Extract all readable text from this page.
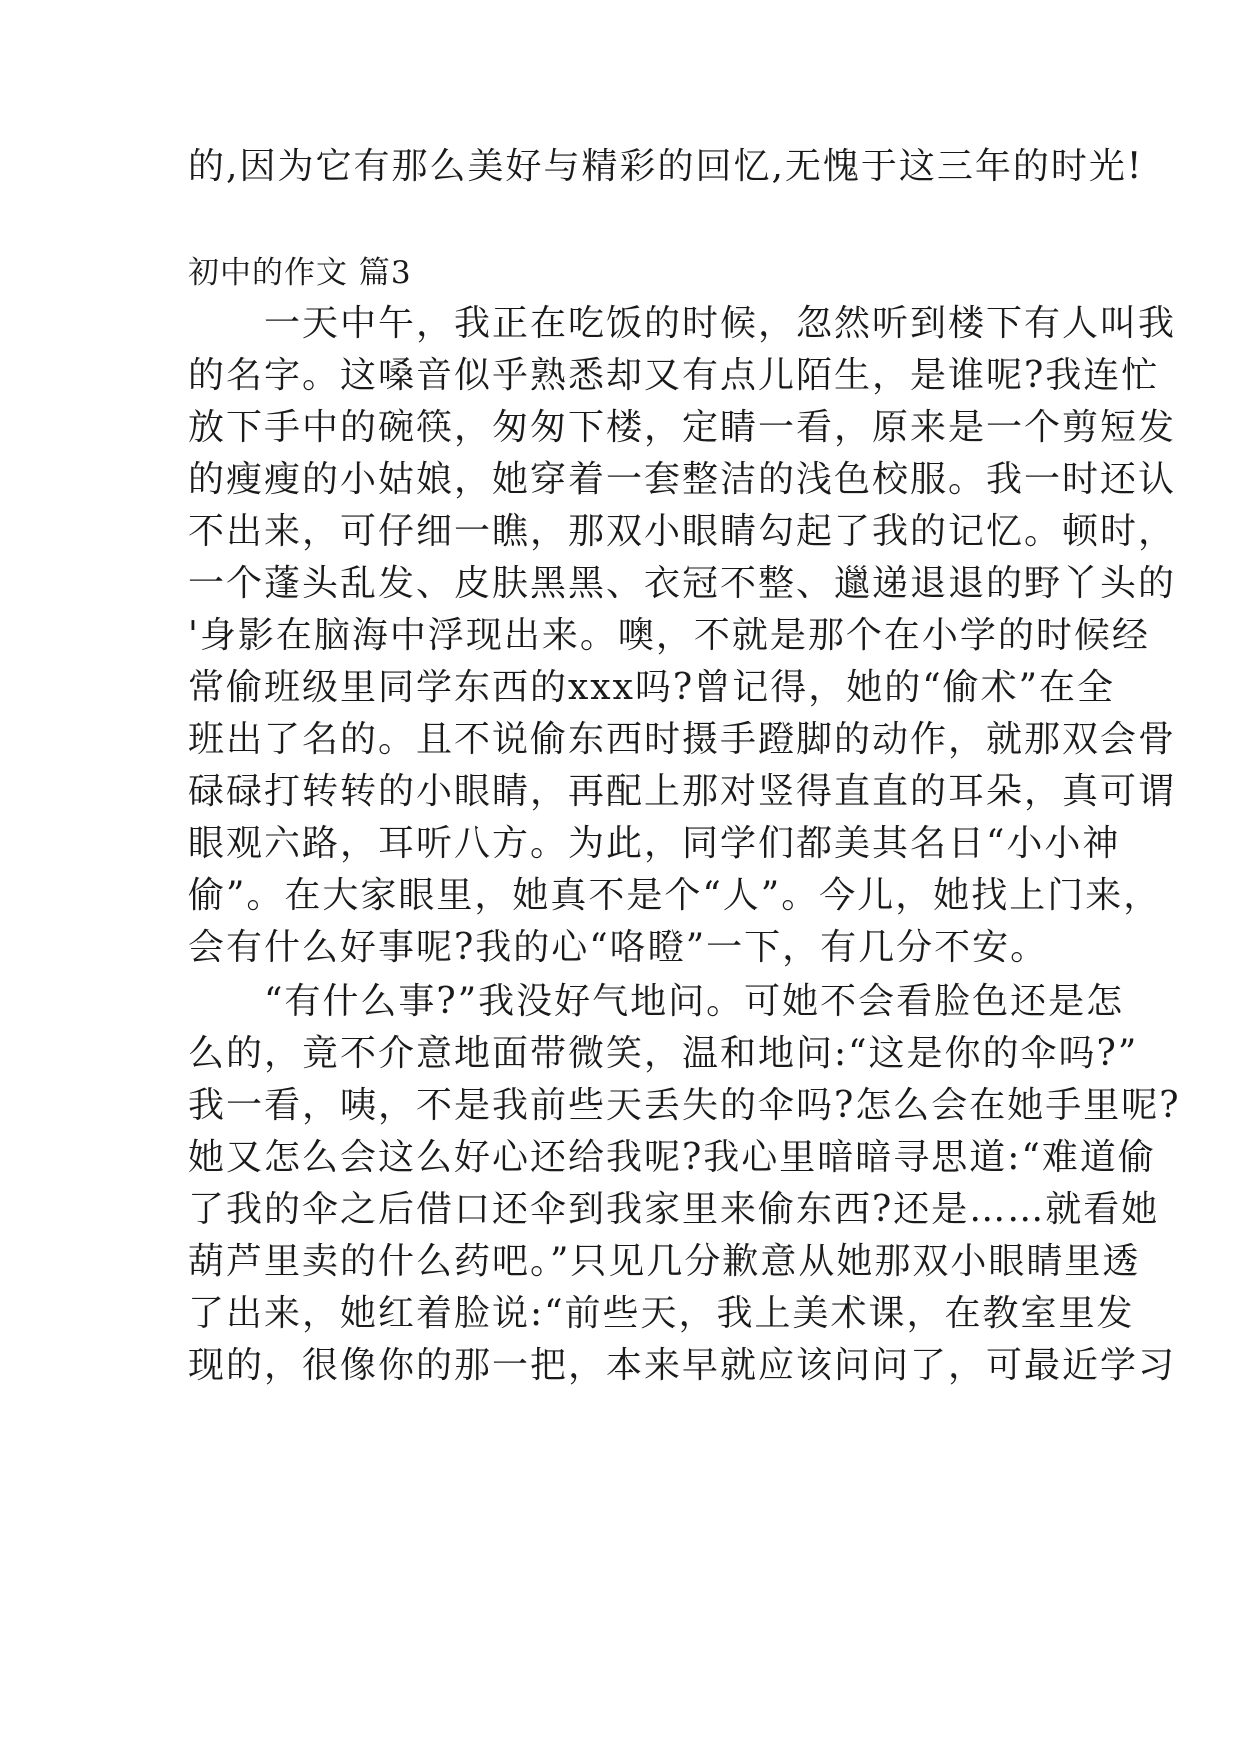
的,因为它有那么美好与精彩的回忆,无愧于这三年的时光!
初中的作文 篇3
　　一天中午，我正在吃饭的时候，忽然听到楼下有人叫我
的名字。这嗓音似乎熟悉却又有点儿陌生，是谁呢?我连忙
放下手中的碗筷，匆匆下楼，定睛一看，原来是一个剪短发
的瘦瘦的小姑娘，她穿着一套整洁的浅色校服。我一时还认
不出来，可仔细一瞧，那双小眼睛勾起了我的记忆。顿时，
一个蓬头乱发、皮肤黑黑、衣冠不整、邋递退退的野丫头的
'身影在脑海中浮现出来。噢，不就是那个在小学的时候经
常偷班级里同学东西的xxx吗?曾记得，她的“偷术”在全
班出了名的。且不说偷东西时摄手蹬脚的动作，就那双会骨
碌碌打转转的小眼睛，再配上那对竖得直直的耳朵，真可谓
眼观六路，耳听八方。为此，同学们都美其名日“小小神
偷”。在大家眼里，她真不是个“人”。今儿，她找上门来，
会有什么好事呢?我的心“咯瞪”一下，有几分不安。
　　“有什么事?”我没好气地问。可她不会看脸色还是怎
么的，竟不介意地面带微笑，温和地问:“这是你的伞吗?”
我一看，咦，不是我前些天丢失的伞吗?怎么会在她手里呢?
她又怎么会这么好心还给我呢?我心里暗暗寻思道:“难道偷
了我的伞之后借口还伞到我家里来偷东西?还是……就看她
葫芦里卖的什么药吧。”只见几分歉意从她那双小眼睛里透
了出来，她红着脸说:“前些天，我上美术课，在教室里发
现的，很像你的那一把，本来早就应该问问了，可最近学习
